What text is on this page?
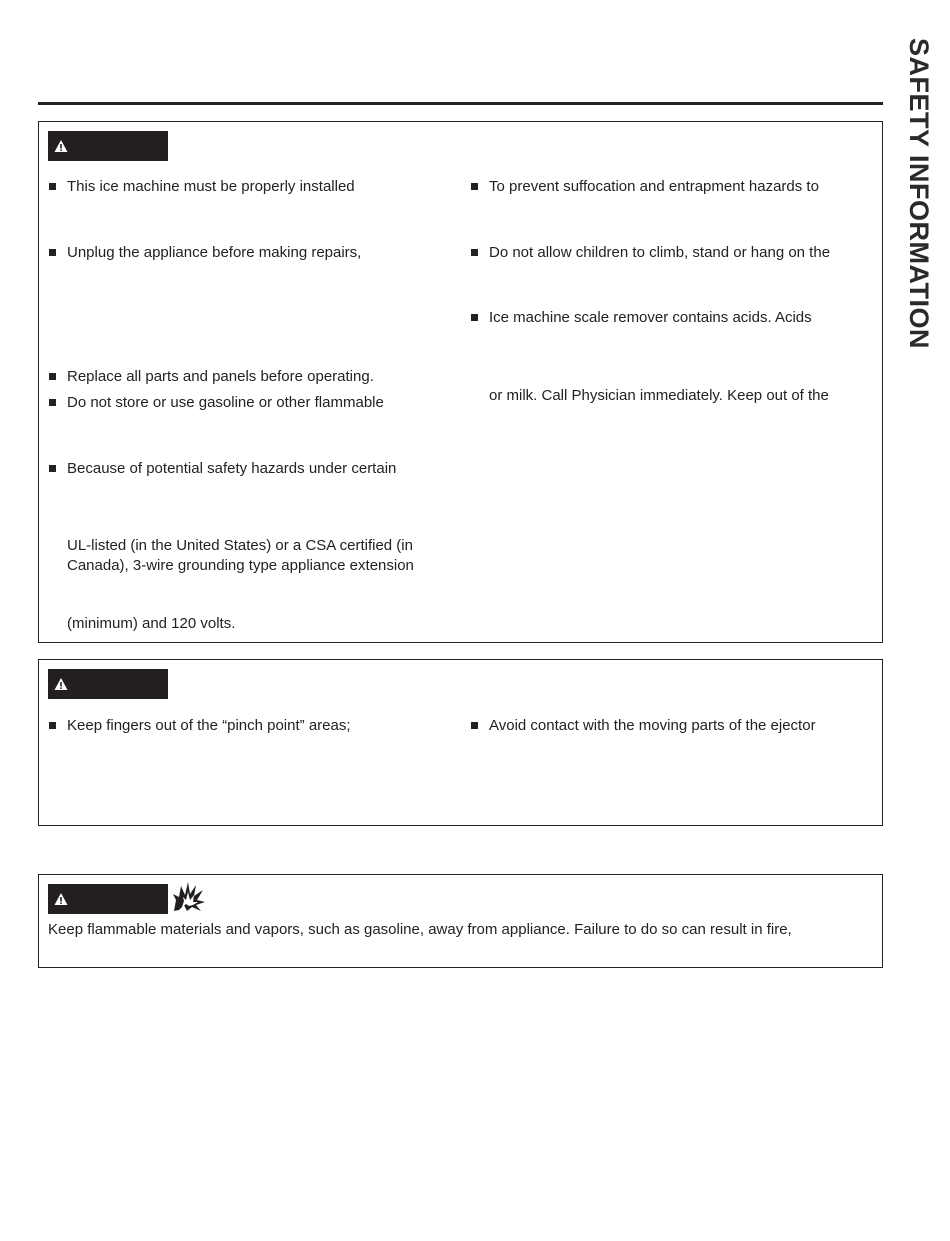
SAFETY INFORMATION
This ice machine must be properly installed
Unplug the appliance before making repairs,
Replace all parts and panels before operating.
Do not store or use gasoline or other flammable
Because of potential safety hazards under certain
UL-listed (in the United States) or a CSA certified (in
Canada), 3-wire grounding type appliance extension
(minimum) and 120 volts.
To prevent suffocation and entrapment hazards to
Do not allow children to climb, stand or hang on the
Ice machine scale remover contains acids. Acids
or milk. Call Physician immediately. Keep out of the
Keep fingers out of the “pinch point” areas;	Avoid contact with the moving parts of the ejector
Keep flammable materials and vapors, such as gasoline, away from appliance. Failure to do so can result in fire,
